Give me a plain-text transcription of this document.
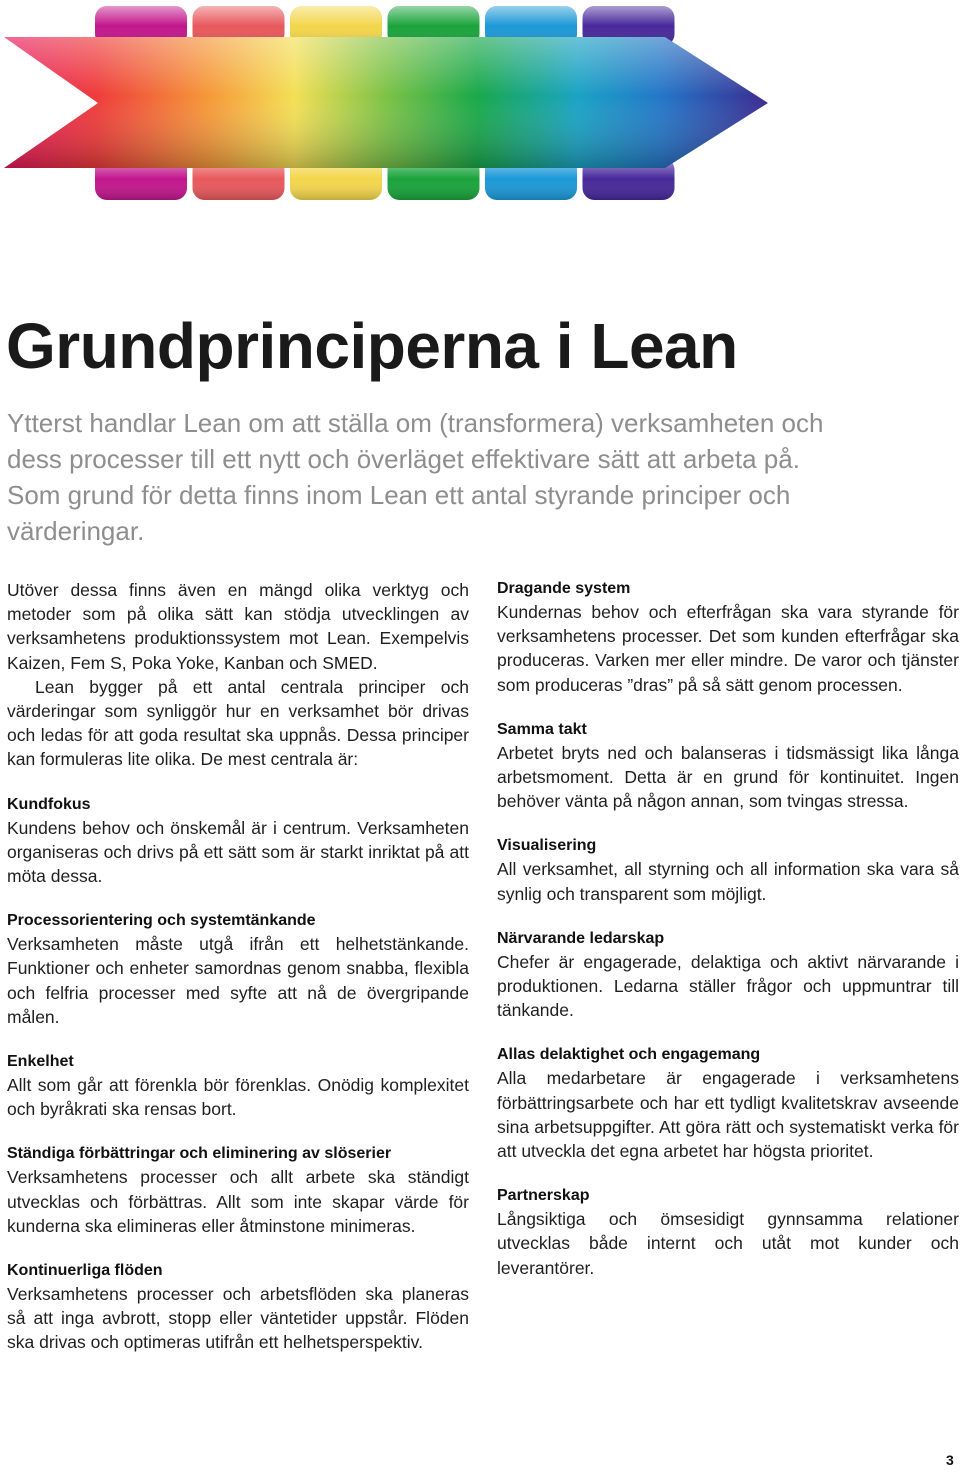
Grundprinciperna i Lean

Ytterst handlar Lean om att ställa om (transformera) verksamheten och dess processer till ett nytt och överläget effektivare sätt att arbeta på. Som grund för detta finns inom Lean ett antal styrande principer och värderingar.

Utöver dessa finns även en mängd olika verktyg och metoder som på olika sätt kan stödja utvecklingen av verksamhetens produktionssystem mot Lean. Exempelvis Kaizen, Fem S, Poka Yoke, Kanban och SMED.

Lean bygger på ett antal centrala principer och värderingar som synliggör hur en verksamhet bör drivas och ledas för att goda resultat ska uppnås. Dessa principer kan formuleras lite olika. De mest centrala är:

Kundfokus

Kundens behov och önskemål är i centrum. Verksamheten organiseras och drivs på ett sätt som är starkt inriktat på att möta dessa.

Processorientering och systemtänkande

Verksamheten måste utgå ifrån ett helhetstänkande. Funktioner och enheter samordnas genom snabba, flexibla och felfria processer med syfte att nå de övergripande målen.

Enkelhet

Allt som går att förenkla bör förenklas. Onödig komplexitet och byråkrati ska rensas bort.

Ständiga förbättringar och eliminering av slöserier

Verksamhetens processer och allt arbete ska ständigt utvecklas och förbättras. Allt som inte skapar värde för kunderna ska elimineras eller åtminstone minimeras.

Kontinuerliga flöden

Verksamhetens processer och arbetsflöden ska planeras så att inga avbrott, stopp eller väntetider uppstår. Flöden ska drivas och optimeras utifrån ett helhetsperspektiv.

Dragande system

Kundernas behov och efterfrågan ska vara styrande för verksamhetens processer. Det som kunden efterfrågar ska produceras. Varken mer eller mindre. De varor och tjänster som produceras ”dras” på så sätt genom processen.

Samma takt

Arbetet bryts ned och balanseras i tidsmässigt lika långa arbetsmoment. Detta är en grund för kontinuitet. Ingen behöver vänta på någon annan, som tvingas stressa.

Visualisering

All verksamhet, all styrning och all information ska vara så synlig och transparent som möjligt.

Närvarande ledarskap

Chefer är engagerade, delaktiga och aktivt närvarande i produktionen. Ledarna ställer frågor och uppmuntrar till tänkande.

Allas delaktighet och engagemang

Alla medarbetare är engagerade i verksamhetens förbättringsarbete och har ett tydligt kvalitetskrav avseende sina arbetsuppgifter. Att göra rätt och systematiskt verka för att utveckla det egna arbetet har högsta prioritet.

Partnerskap

Långsiktiga och ömsesidigt gynnsamma relationer utvecklas både internt och utåt mot kunder och leverantörer.

3
